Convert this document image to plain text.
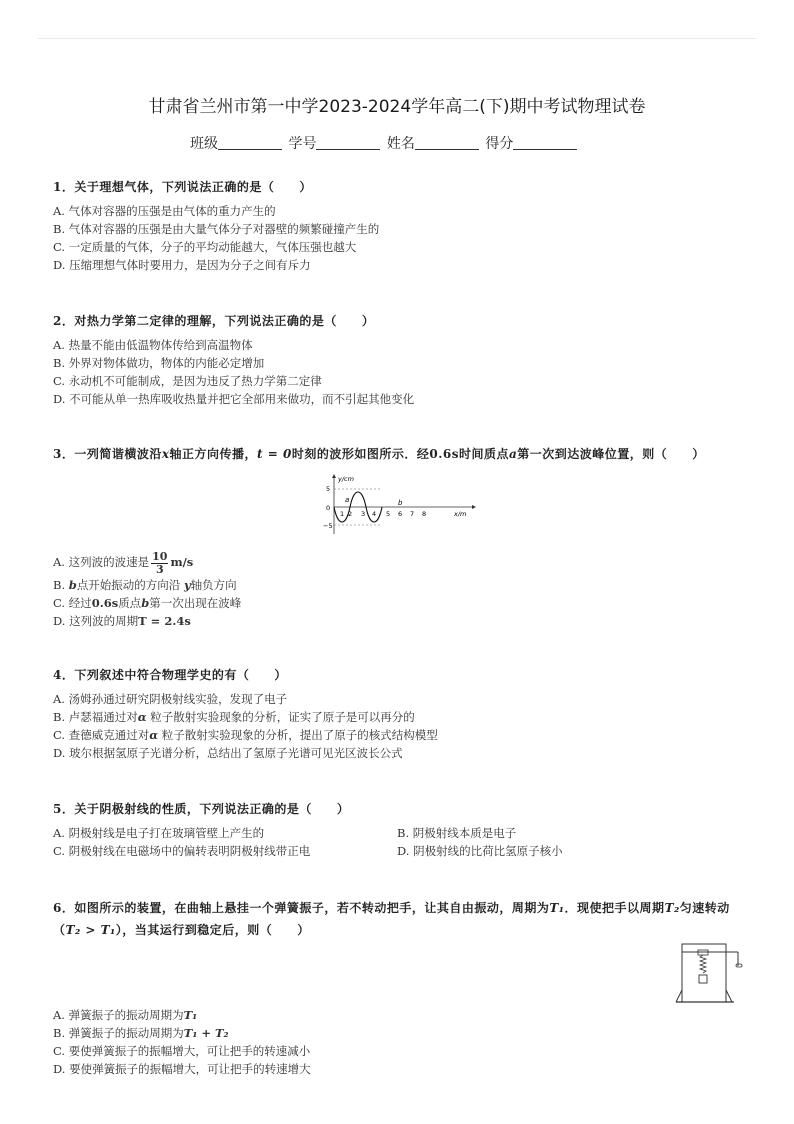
甘肃省兰州市第一中学2023-2024学年高二(下)期中考试物理试卷
班级	学号	姓名	得分
1．关于理想气体，下列说法正确的是（　　）
A. 气体对容器的压强是由气体的重力产生的
B. 气体对容器的压强是由大量气体分子对器壁的频繁碰撞产生的
C. 一定质量的气体，分子的平均动能越大，气体压强也越大
D. 压缩理想气体时要用力，是因为分子之间有斥力
2．对热力学第二定律的理解，下列说法正确的是（　　）
A. 热量不能由低温物体传给到高温物体
B. 外界对物体做功，物体的内能必定增加
C. 永动机不可能制成，是因为违反了热力学第二定律
D. 不可能从单一热库吸收热量并把它全部用来做功，而不引起其他变化
3．一列简谐横波沿x轴正方向传播，t = 0时刻的波形如图所示．经0.6s时间质点a第一次到达波峰位置，则（　　）
y/cm
5
0
−5
1 2 3 4 5 6 7 8	x/m
a	b
A. 这列波的波速是 $\frac{10}{3} m/s$
B. b点开始振动的方向沿 y轴负方向
C. 经过0.6s质点b第一次出现在波峰
D. 这列波的周期T = 2.4s
4．下列叙述中符合物理学史的有（　　）
A. 汤姆孙通过研究阴极射线实验，发现了电子
B. 卢瑟福通过对α 粒子散射实验现象的分析，证实了原子是可以再分的
C. 查德威克通过对α 粒子散射实验现象的分析，提出了原子的核式结构模型
D. 玻尔根据氢原子光谱分析，总结出了氢原子光谱可见光区波长公式
5．关于阴极射线的性质，下列说法正确的是（　　）
A. 阴极射线是电子打在玻璃管壁上产生的	B. 阴极射线本质是电子
C. 阴极射线在电磁场中的偏转表明阴极射线带正电	D. 阴极射线的比荷比氢原子核小
6．如图所示的装置，在曲轴上悬挂一个弹簧振子，若不转动把手，让其自由振动，周期为T₁．现使把手以周期T₂匀速转动（T₂ > T₁），当其运行到稳定后，则（　　）
A. 弹簧振子的振动周期为T₁
B. 弹簧振子的振动周期为T₁ + T₂
C. 要使弹簧振子的振幅增大，可让把手的转速减小
D. 要使弹簧振子的振幅增大，可让把手的转速增大
